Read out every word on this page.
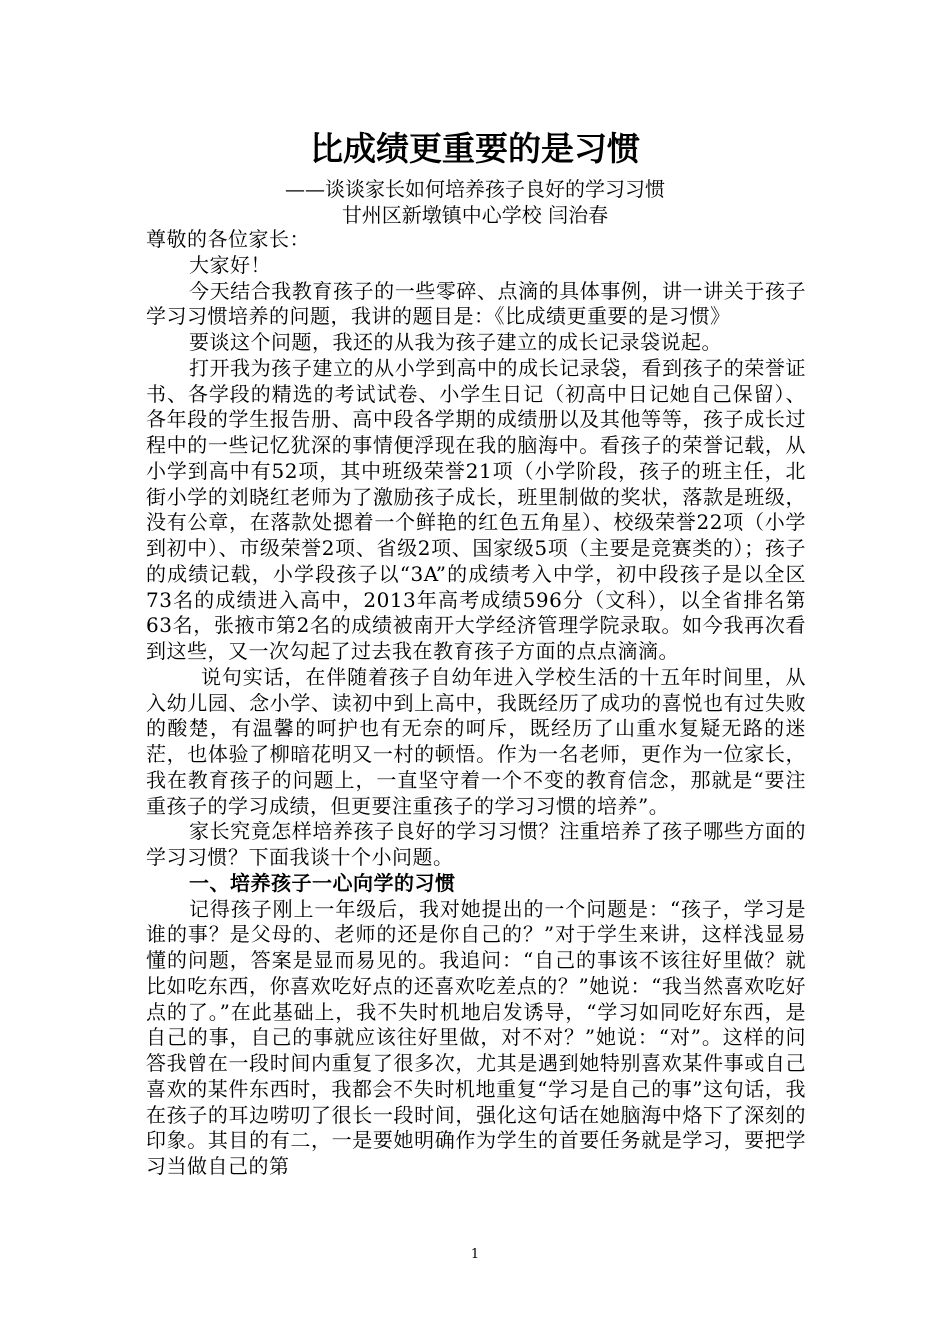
比成绩更重要的是习惯

——谈谈家长如何培养孩子良好的学习习惯

甘州区新墩镇中心学校 闫治春

尊敬的各位家长：

大家好！

今天结合我教育孩子的一些零碎、点滴的具体事例，讲一讲关于孩子学习习惯培养的问题，我讲的题目是：《比成绩更重要的是习惯》

要谈这个问题，我还的从我为孩子建立的成长记录袋说起。

打开我为孩子建立的从小学到高中的成长记录袋，看到孩子的荣誉证书、各学段的精选的考试试卷、小学生日记（初高中日记她自己保留）、各年段的学生报告册、高中段各学期的成绩册以及其他等等，孩子成长过程中的一些记忆犹深的事情便浮现在我的脑海中。看孩子的荣誉记载，从小学到高中有52项，其中班级荣誉21项（小学阶段，孩子的班主任，北街小学的刘晓红老师为了激励孩子成长，班里制做的奖状，落款是班级，没有公章，在落款处摁着一个鲜艳的红色五角星）、校级荣誉22项（小学到初中）、市级荣誉2项、省级2项、国家级5项（主要是竞赛类的）；孩子的成绩记载，小学段孩子以“3A”的成绩考入中学，初中段孩子是以全区73名的成绩进入高中，2013年高考成绩596分（文科），以全省排名第63名，张掖市第2名的成绩被南开大学经济管理学院录取。如今我再次看到这些，又一次勾起了过去我在教育孩子方面的点点滴滴。

说句实话，在伴随着孩子自幼年进入学校生活的十五年时间里，从入幼儿园、念小学、读初中到上高中，我既经历了成功的喜悦也有过失败的酸楚，有温馨的呵护也有无奈的呵斥，既经历了山重水复疑无路的迷茫，也体验了柳暗花明又一村的顿悟。作为一名老师，更作为一位家长，我在教育孩子的问题上，一直坚守着一个不变的教育信念，那就是“要注重孩子的学习成绩，但更要注重孩子的学习习惯的培养”。

家长究竟怎样培养孩子良好的学习习惯？注重培养了孩子哪些方面的学习习惯？下面我谈十个小问题。

一、培养孩子一心向学的习惯

记得孩子刚上一年级后，我对她提出的一个问题是：“孩子，学习是谁的事？是父母的、老师的还是你自己的？”对于学生来讲，这样浅显易懂的问题，答案是显而易见的。我追问：“自己的事该不该往好里做？就比如吃东西，你喜欢吃好点的还喜欢吃差点的？”她说：“我当然喜欢吃好点的了。”在此基础上，我不失时机地启发诱导，“学习如同吃好东西，是自己的事，自己的事就应该往好里做，对不对？”她说：“对”。这样的问答我曾在一段时间内重复了很多次，尤其是遇到她特别喜欢某件事或自己喜欢的某件东西时，我都会不失时机地重复“学习是自己的事”这句话，我在孩子的耳边唠叨了很长一段时间，强化这句话在她脑海中烙下了深刻的印象。其目的有二，一是要她明确作为学生的首要任务就是学习，要把学习当做自己的第

1
